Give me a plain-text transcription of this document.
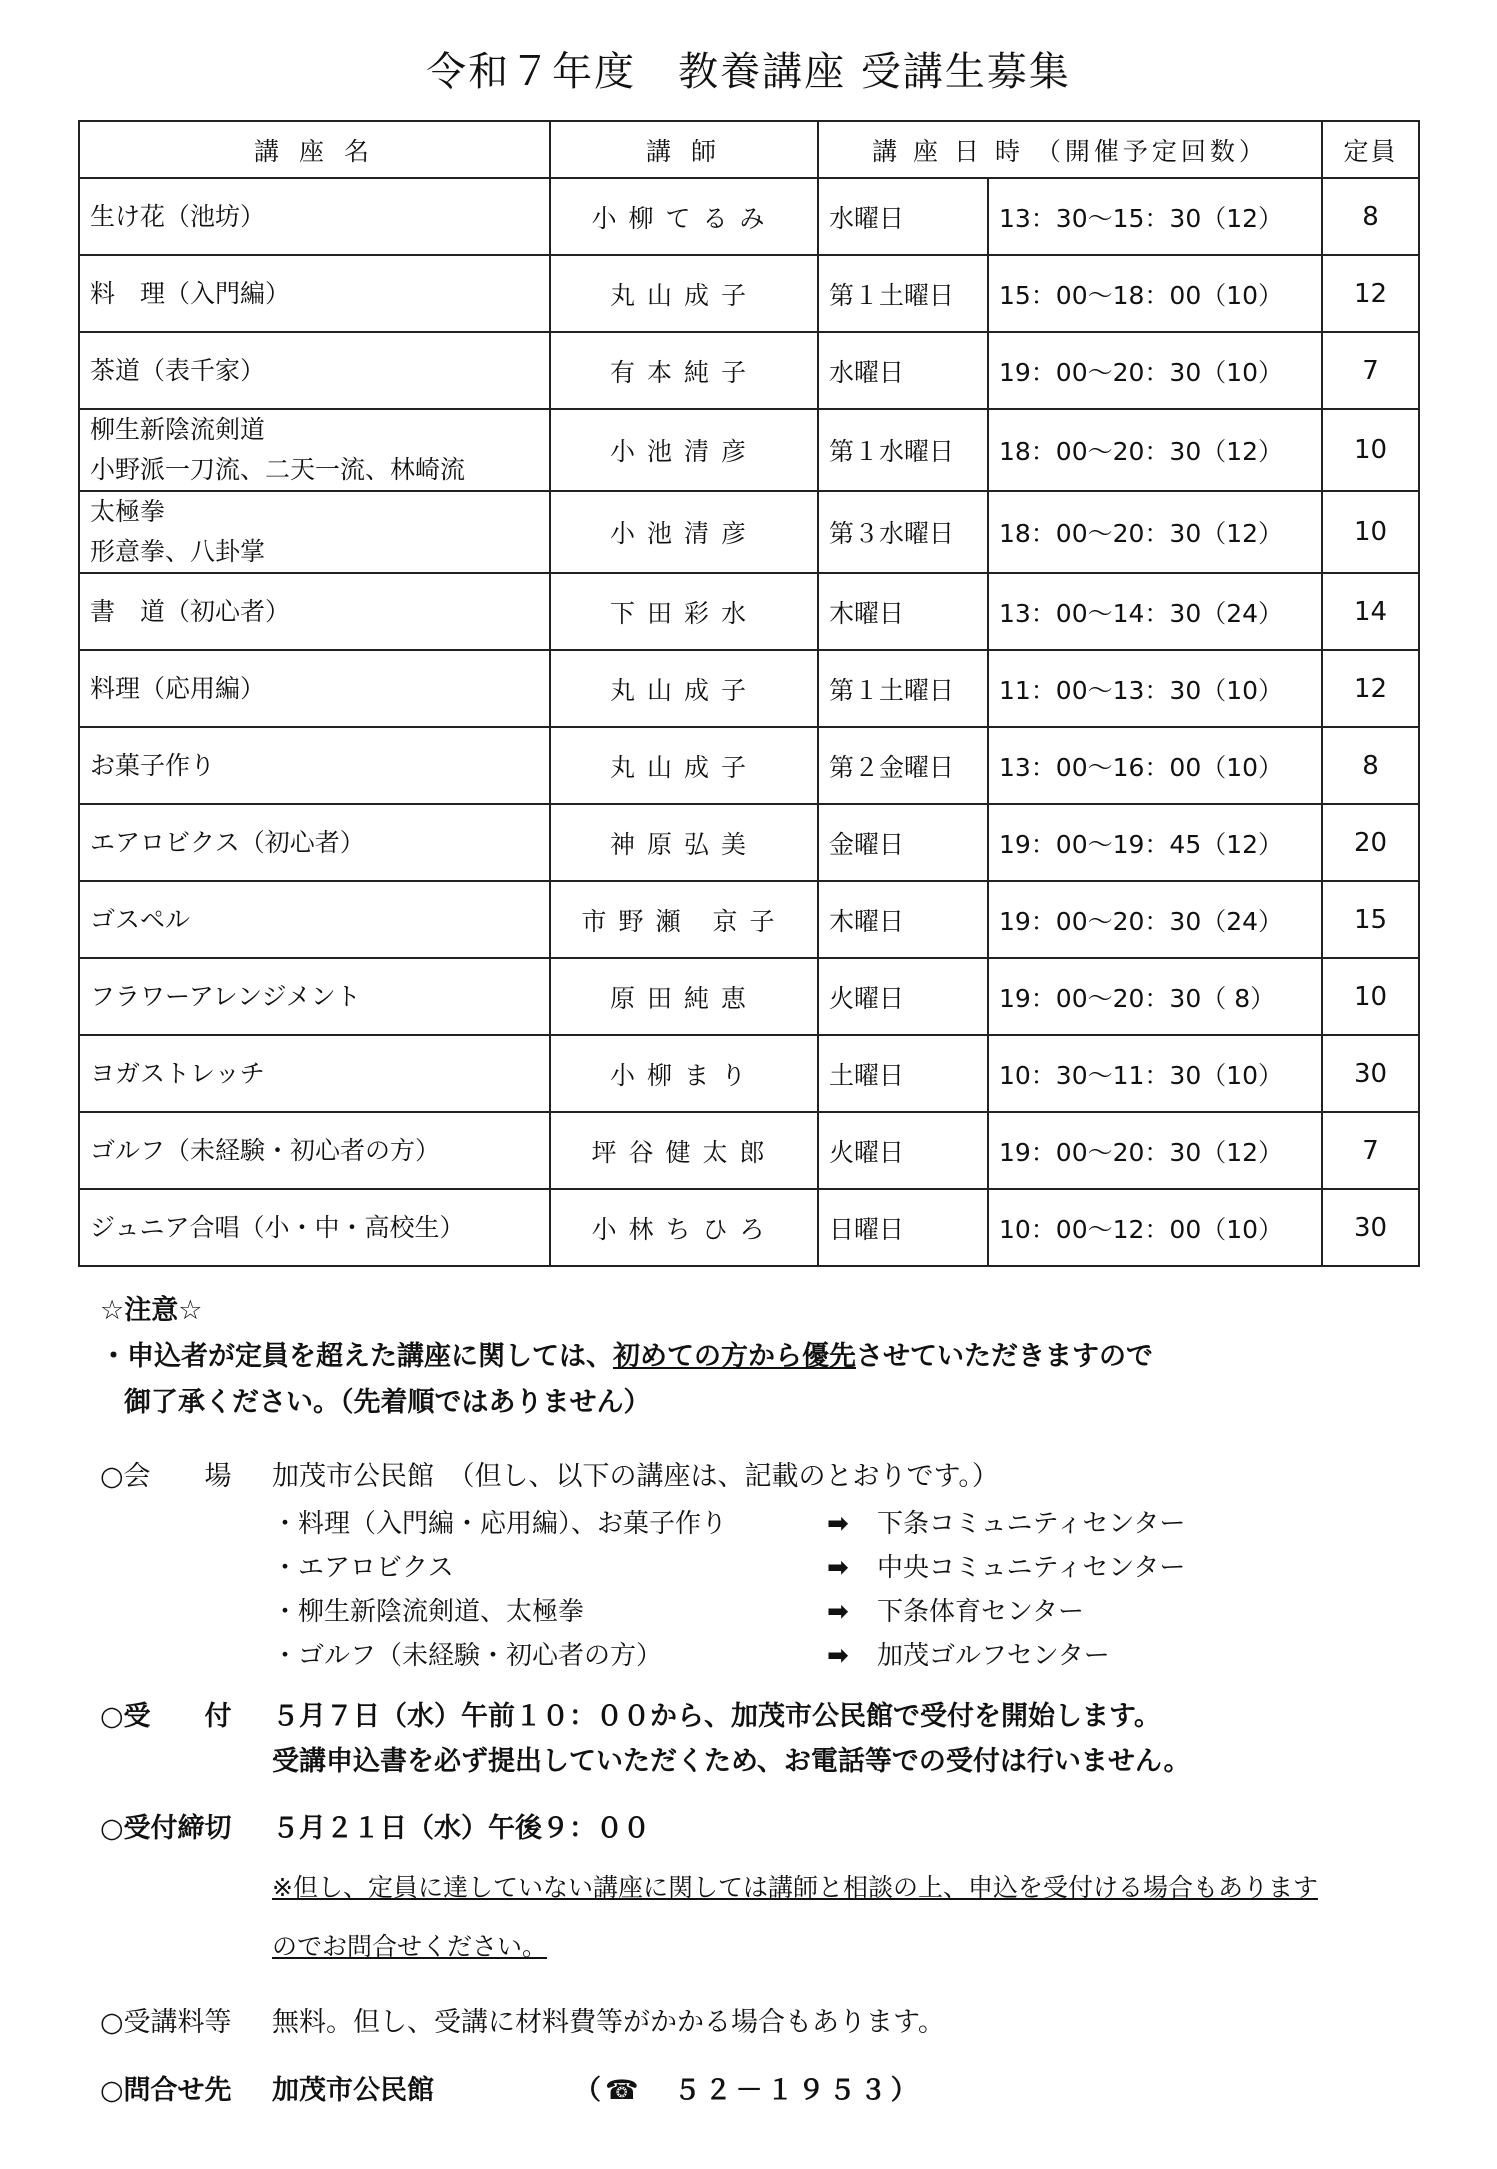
令和７年度　教養講座 受講生募集
講 座 名	講 師	講 座 日 時 （開催予定回数）		定員

生け花（池坊）	小柳てるみ	水曜日	13：30～15：30（12）	8

料　理（入門編）	丸山成子	第１土曜日	15：00～18：00（10）	12

茶道（表千家）	有本純子	水曜日	19：00～20：30（10）	7

柳生新陰流剣道
小野派一刀流、二天一流、林崎流	小池清彦	第１水曜日	18：00～20：30（12）	10

太極拳
形意拳、八卦掌	小池清彦	第３水曜日	18：00～20：30（12）	10

書　道（初心者）	下田彩水	木曜日	13：00～14：30（24）	14

料理（応用編）	丸山成子	第１土曜日	11：00～13：30（10）	12

お菓子作り	丸山成子	第２金曜日	13：00～16：00（10）	8

エアロビクス（初心者）	神原弘美	金曜日	19：00～19：45（12）	20

ゴスペル	市野瀬 京子	木曜日	19：00～20：30（24）	15

フラワーアレンジメント	原田純恵	火曜日	19：00～20：30（ 8）	10

ヨガストレッチ	小柳まり	土曜日	10：30～11：30（10）	30

ゴルフ（未経験・初心者の方）	坪谷健太郎	火曜日	19：00～20：30（12）	7

ジュニア合唱（小・中・高校生）	小林ちひろ	日曜日	10：00～12：00（10）	30
☆注意☆
・申込者が定員を超えた講座に関しては、初めての方から優先させていただきますので
御了承ください。（先着順ではありません）
○会　　場 加茂市公民館　（但し、以下の講座は、記載のとおりです。）
・料理（入門編・応用編）、お菓子作り	➡ 下条コミュニティセンター
・エアロビクス	➡ 中央コミュニティセンター
・柳生新陰流剣道、太極拳	➡ 下条体育センター
・ゴルフ（未経験・初心者の方）	➡ 加茂ゴルフセンター
○受　　付 ５月７日（水）午前１０：００から、加茂市公民館で受付を開始します。
受講申込書を必ず提出していただくため、お電話等での受付は行いません。
○受付締切 ５月２１日（水）午後９：００
※但し、定員に達していない講座に関しては講師と相談の上、申込を受付ける場合もあります
のでお問合せください。
○受講料等 無料。但し、受講に材料費等がかかる場合もあります。
○問合せ先 加茂市公民館	（☎　５２－１９５３）
